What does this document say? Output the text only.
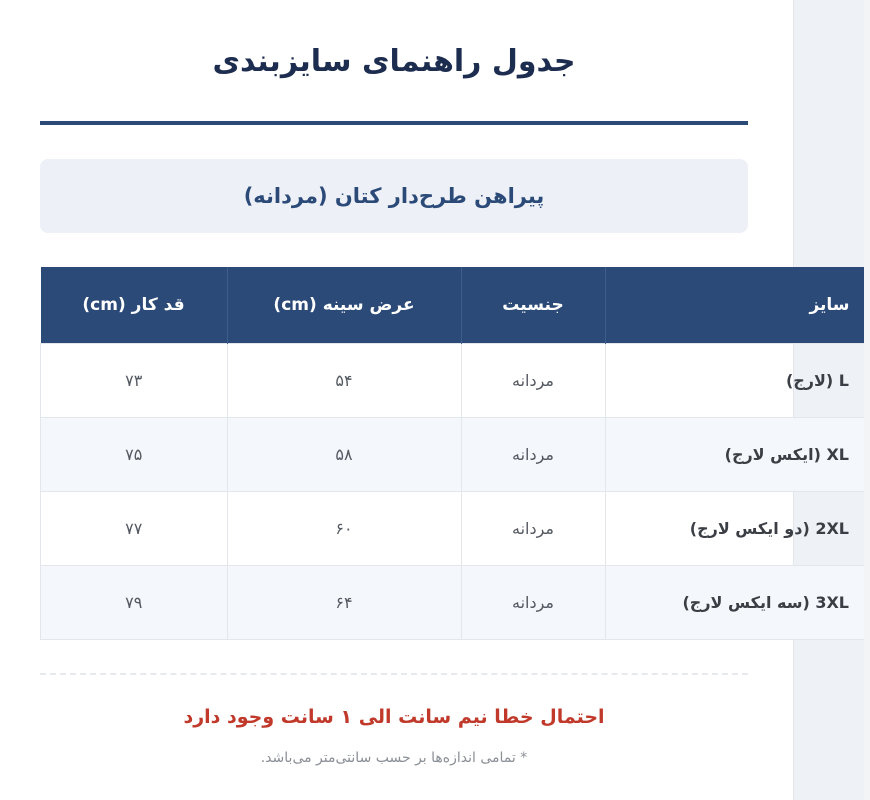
جدول راهنمای سایزبندی
پیراهن طرح‌دار کتان (مردانه)
سایز	جنسیت	عرض سینه (cm)	قد کار (cm)
L (لارج)	مردانه	۵۴	۷۳
XL (ایکس لارج)	مردانه	۵۸	۷۵
2XL (دو ایکس لارج)	مردانه	۶۰	۷۷
3XL (سه ایکس لارج)	مردانه	۶۴	۷۹
احتمال خطا نیم سانت الی ۱ سانت وجود دارد
* تمامی اندازه‌ها بر حسب سانتی‌متر می‌باشد.
